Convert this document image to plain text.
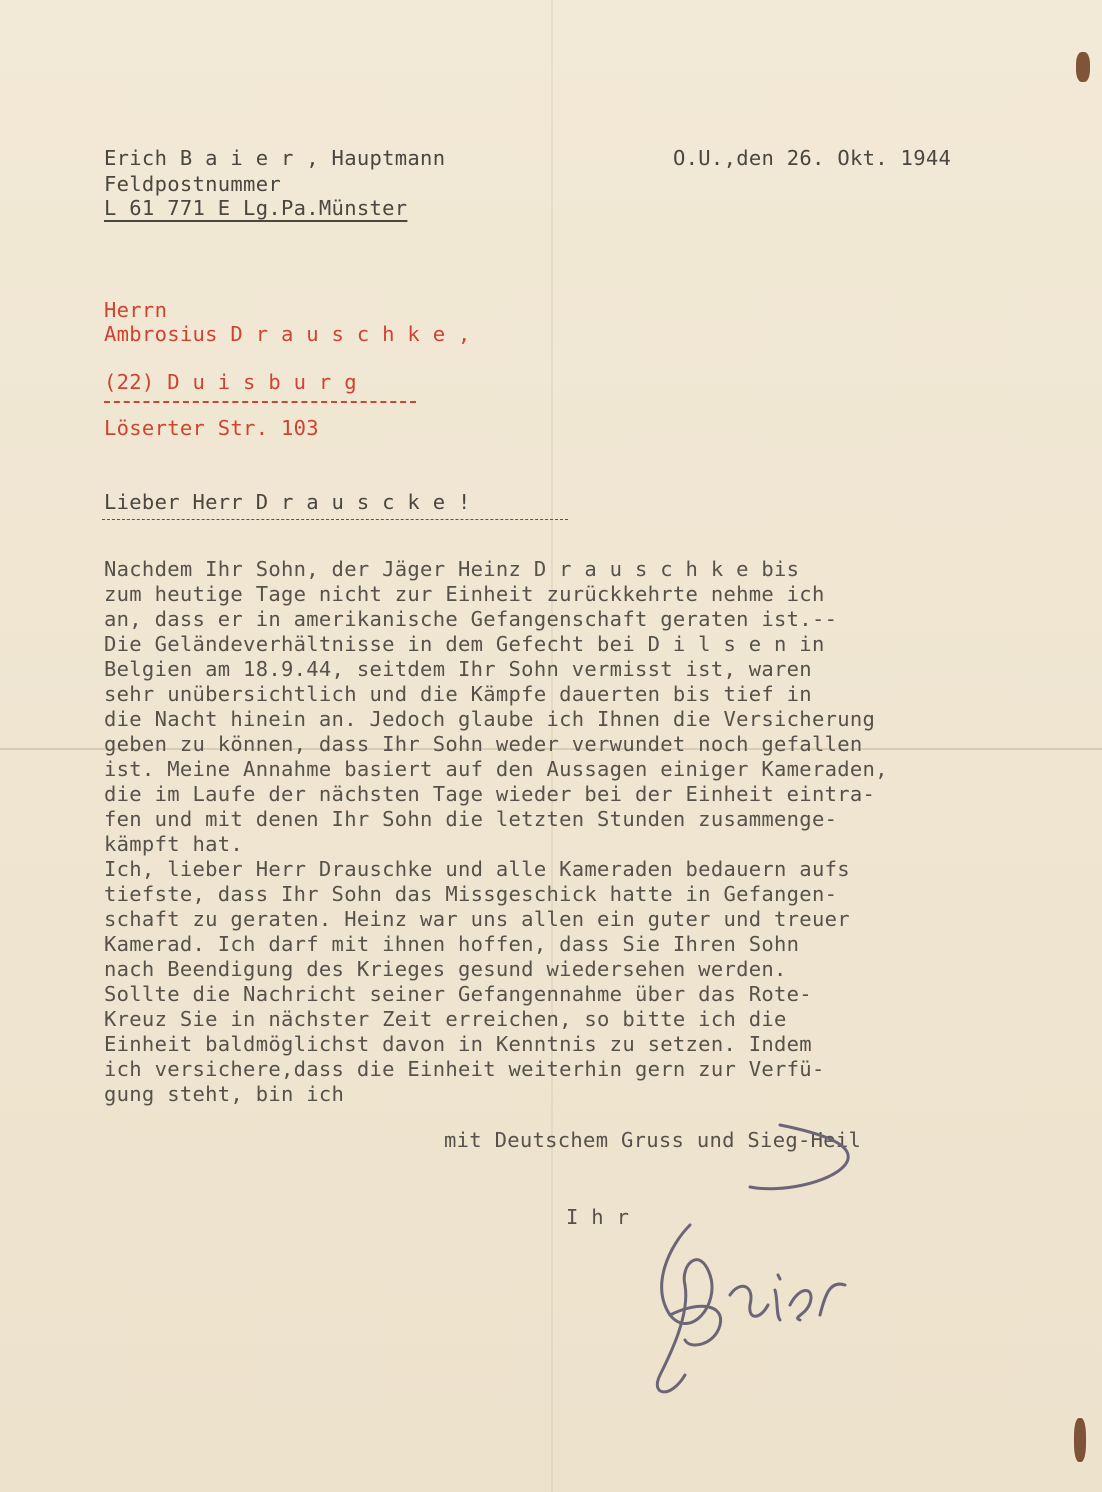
Erich B a i e r , Hauptmann
Feldpostnummer
L 61 771 E Lg.Pa.Münster
O.U.,den 26. Okt. 1944
Herrn
Ambrosius D r a u s c h k e ,
(22) D u i s b u r g
Löserter Str. 103
Lieber Herr D r a u s c k e !
Nachdem Ihr Sohn, der Jäger Heinz D r a u s c h k e bis
zum heutige Tage nicht zur Einheit zurückkehrte nehme ich
an, dass er in amerikanische Gefangenschaft geraten ist.--
Die Geländeverhältnisse in dem Gefecht bei D i l s e n in
Belgien am 18.9.44, seitdem Ihr Sohn vermisst ist, waren
sehr unübersichtlich und die Kämpfe dauerten bis tief in
die Nacht hinein an. Jedoch glaube ich Ihnen die Versicherung
geben zu können, dass Ihr Sohn weder verwundet noch gefallen
ist. Meine Annahme basiert auf den Aussagen einiger Kameraden,
die im Laufe der nächsten Tage wieder bei der Einheit eintra-
fen und mit denen Ihr Sohn die letzten Stunden zusammenge-
kämpft hat.
Ich, lieber Herr Drauschke und alle Kameraden bedauern aufs
tiefste, dass Ihr Sohn das Missgeschick hatte in Gefangen-
schaft zu geraten. Heinz war uns allen ein guter und treuer
Kamerad. Ich darf mit ihnen hoffen, dass Sie Ihren Sohn
nach Beendigung des Krieges gesund wiedersehen werden.
Sollte die Nachricht seiner Gefangennahme über das Rote-
Kreuz Sie in nächster Zeit erreichen, so bitte ich die
Einheit baldmöglichst davon in Kenntnis zu setzen. Indem
ich versichere,dass die Einheit weiterhin gern zur Verfü-
gung steht, bin ich
mit Deutschem Gruss und Sieg-Heil
I h r
